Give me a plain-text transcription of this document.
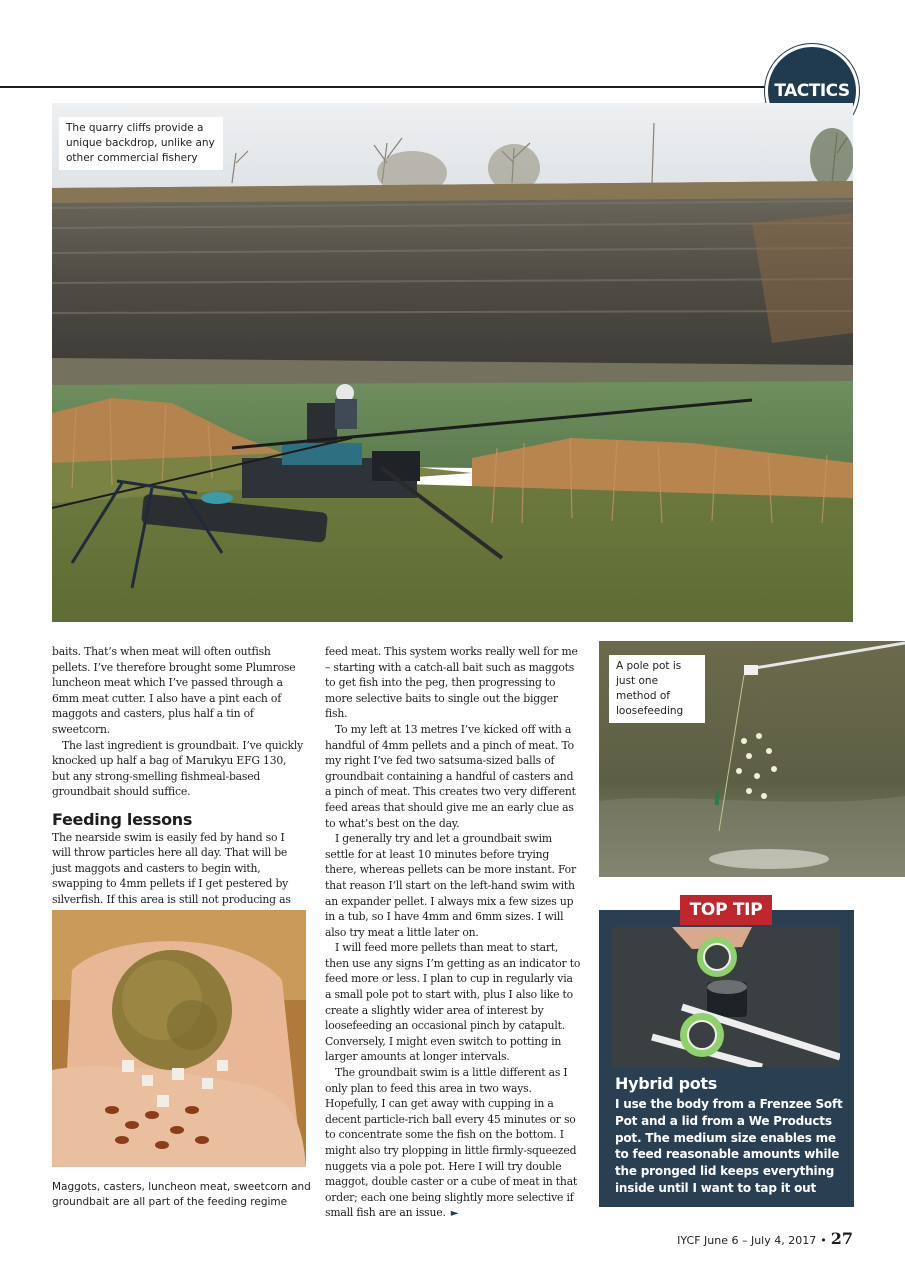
TACTICS
The quarry cliffs provide a unique backdrop, unlike any other commercial fishery

baits. That’s when meat will often outfish pellets. I’ve therefore brought some Plumrose luncheon meat which I’ve passed through a 6mm meat cutter. I also have a pint each of maggots and casters, plus half a tin of sweetcorn.

The last ingredient is groundbait. I’ve quickly knocked up half a bag of Marukyu EFG 130, but any strong-smelling fishmeal-based groundbait should suffice.

Feeding lessons

The nearside swim is easily fed by hand so I will throw particles here all day. That will be just maggots and casters to begin with, swapping to 4mm pellets if I get pestered by silverfish. If this area is still not producing as

Maggots, casters, luncheon meat, sweetcorn and groundbait are all part of the feeding regime

feed meat. This system works really well for me – starting with a catch-all bait such as maggots to get fish into the peg, then progressing to more selective baits to single out the bigger fish.

To my left at 13 metres I’ve kicked off with a handful of 4mm pellets and a pinch of meat. To my right I’ve fed two satsuma-sized balls of groundbait containing a handful of casters and a pinch of meat. This creates two very different feed areas that should give me an early clue as to what’s best on the day.

I generally try and let a groundbait swim settle for at least 10 minutes before trying there, whereas pellets can be more instant. For that reason I’ll start on the left-hand swim with an expander pellet. I always mix a few sizes up in a tub, so I have 4mm and 6mm sizes. I will also try meat a little later on.

I will feed more pellets than meat to start, then use any signs I’m getting as an indicator to feed more or less. I plan to cup in regularly via a small pole pot to start with, plus I also like to create a slightly wider area of interest by loosefeeding an occasional pinch by catapult. Conversely, I might even switch to potting in larger amounts at longer intervals.

The groundbait swim is a little different as I only plan to feed this area in two ways. Hopefully, I can get away with cupping in a decent particle-rich ball every 45 minutes or so to concentrate some the fish on the bottom. I might also try plopping in little firmly-squeezed nuggets via a pole pot. Here I will try double maggot, double caster or a cube of meat in that order; each one being slightly more selective if small fish are an issue. ►

A pole pot is just one method of loosefeeding
TOP TIP
Hybrid pots
I use the body from a Frenzee Soft Pot and a lid from a We Products pot. The medium size enables me to feed reasonable amounts while the pronged lid keeps everything inside until I want to tap it out
IYCF June 6 – July 4, 2017 • 27
